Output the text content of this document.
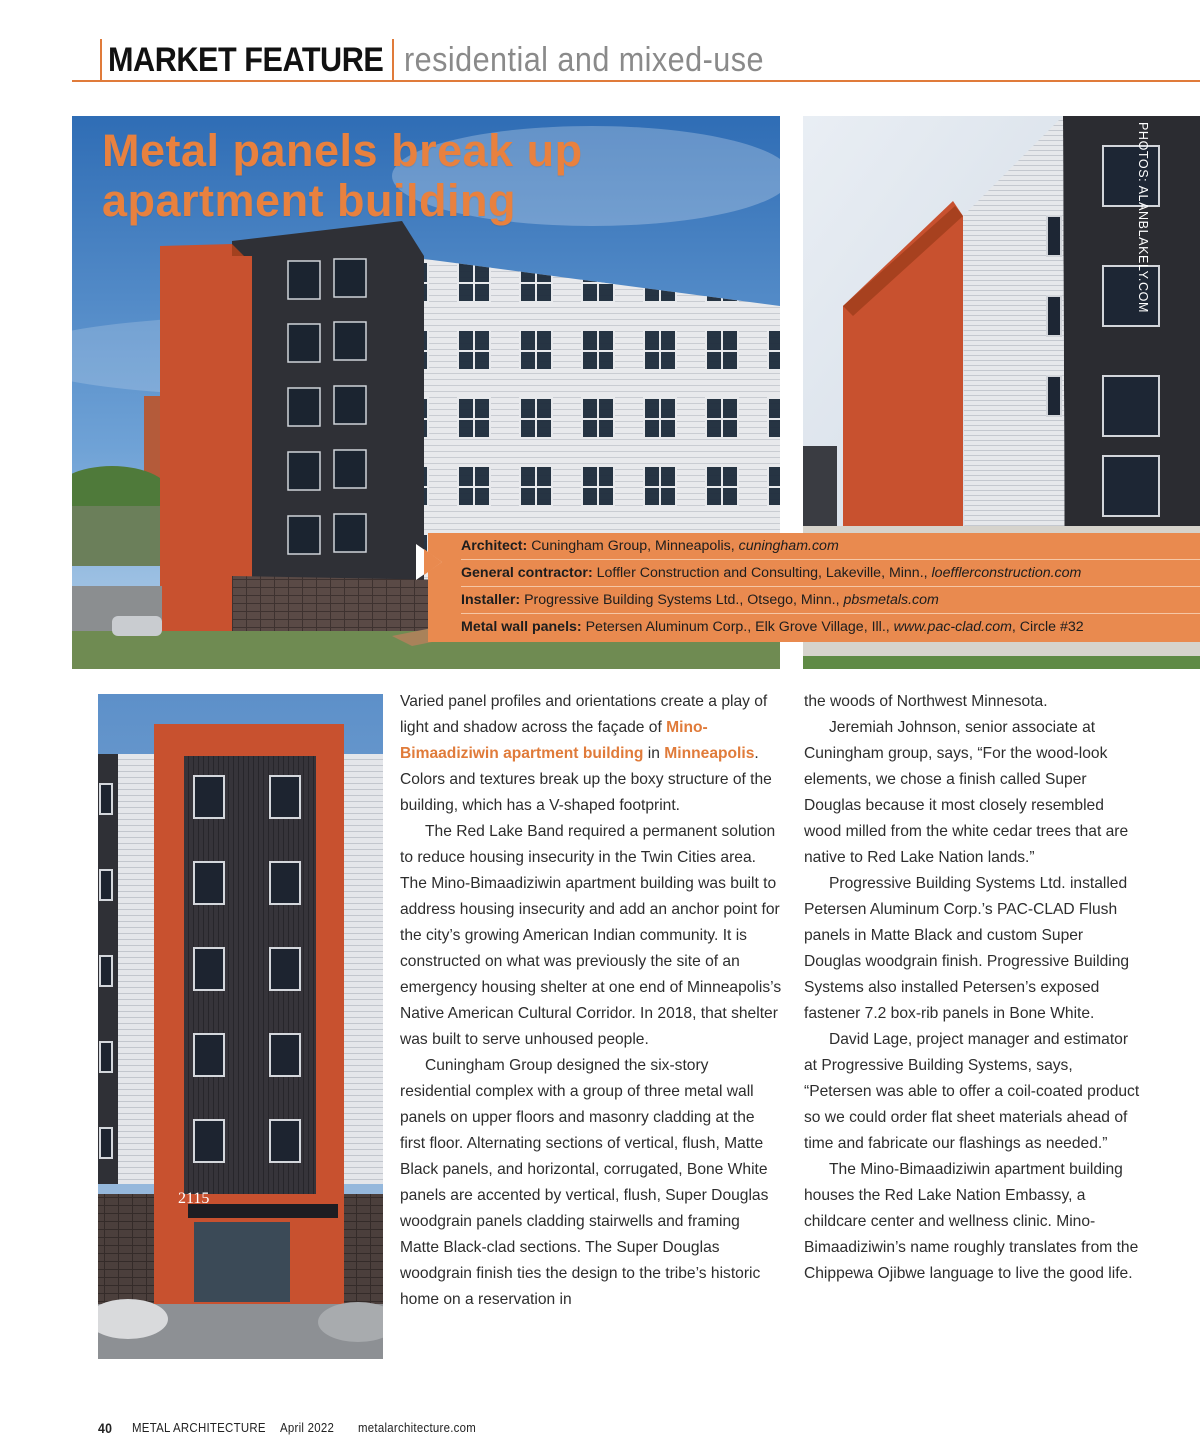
MARKET FEATURE residential and mixed-use
Metal panels break up
apartment building	PHOTOS: ALANBLAKELY.COM
Architect: Cuningham Group, Minneapolis, cuningham.com
General contractor: Loffler Construction and Consulting, Lakeville, Minn., loefflerconstruction.com
Installer: Progressive Building Systems Ltd., Otsego, Minn., pbsmetals.com
Metal wall panels: Petersen Aluminum Corp., Elk Grove Village, Ill., www.pac-clad.com, Circle #32
2115

Varied panel profiles and orientations create a play of light and shadow across the façade of Mino-Bimaadiziwin apartment building in Minneapolis. Colors and textures break up the boxy structure of the building, which has a V-shaped footprint.

The Red Lake Band required a permanent solution to reduce housing insecurity in the Twin Cities area. The Mino-Bimaadiziwin apartment building was built to address housing insecurity and add an anchor point for the city’s growing American Indian community. It is constructed on what was previously the site of an emergency housing shelter at one end of Minneapolis’s Native American Cultural Corridor. In 2018, that shelter was built to serve unhoused people.

Cuningham Group designed the six-story residential complex with a group of three metal wall panels on upper floors and masonry cladding at the first floor. Alternating sections of vertical, flush, Matte Black panels, and horizontal, corrugated, Bone White panels are accented by vertical, flush, Super Douglas woodgrain panels cladding stairwells and framing Matte Black-clad sections. The Super Douglas woodgrain finish ties the design to the tribe’s historic home on a reservation in

the woods of Northwest Minnesota.

Jeremiah Johnson, senior associate at Cuningham group, says, “For the wood-look elements, we chose a finish called Super Douglas because it most closely resembled wood milled from the white cedar trees that are native to Red Lake Nation lands.”

Progressive Building Systems Ltd. installed Petersen Aluminum Corp.’s PAC-CLAD Flush panels in Matte Black and custom Super Douglas woodgrain finish. Progressive Building Systems also installed Petersen’s exposed fastener 7.2 box-rib panels in Bone White.

David Lage, project manager and estimator at Progressive Building Systems, says, “Petersen was able to offer a coil-coated product so we could order flat sheet materials ahead of time and fabricate our flashings as needed.”

The Mino-Bimaadiziwin apartment building houses the Red Lake Nation Embassy, a childcare center and wellness clinic. Mino-Bimaadiziwin’s name roughly translates from the Chippewa Ojibwe language to live the good life.

40 METAL ARCHITECTURE April 2022 metalarchitecture.com
